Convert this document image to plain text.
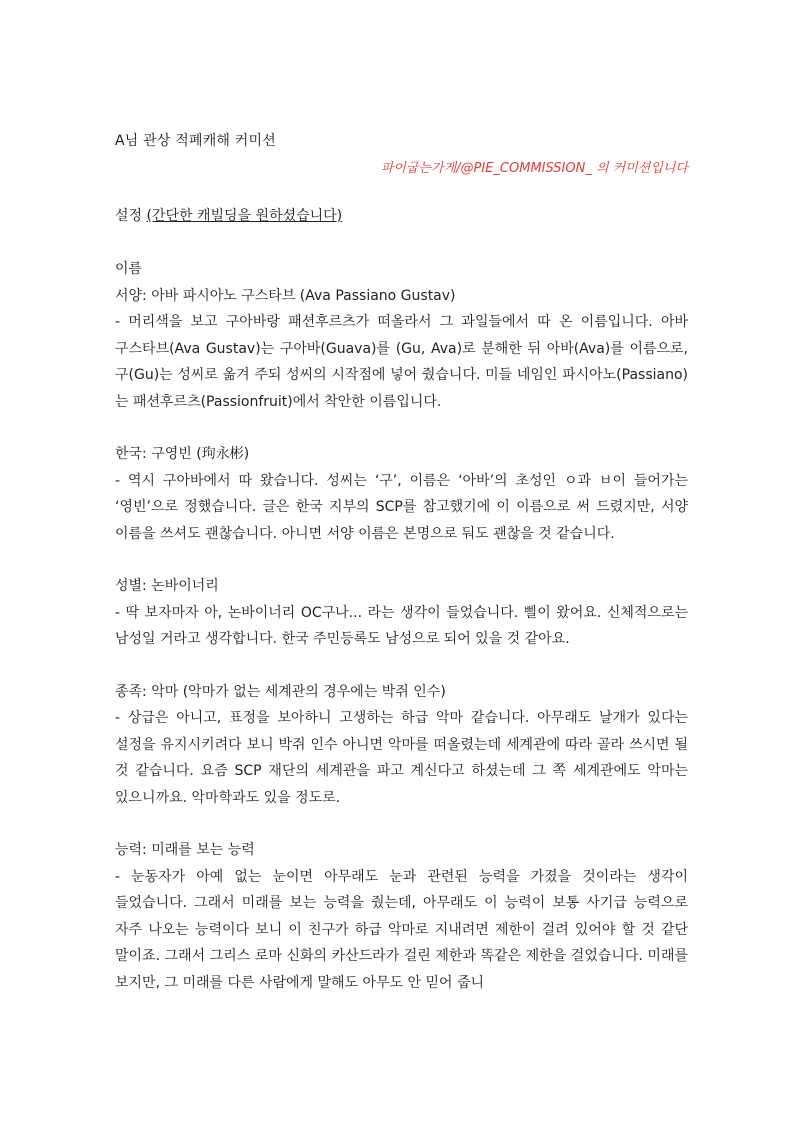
A님 관상 적폐캐해 커미션
파이굽는가게/@PIE_COMMISSION_ 의 커미션입니다
설정 (간단한 캐빌딩을 원하셨습니다)
이름
서양: 아바 파시아노 구스타브 (Ava Passiano Gustav)
- 머리색을 보고 구아바랑 패션후르츠가 떠올라서 그 과일들에서 따 온 이름입니다. 아바 구스타브(Ava Gustav)는 구아바(Guava)를 (Gu, Ava)로 분해한 뒤 아바(Ava)를 이름으로, 구(Gu)는 성씨로 옮겨 주되 성씨의 시작점에 넣어 줬습니다. 미들 네임인 파시아노(Passiano)는 패션후르츠(Passionfruit)에서 착안한 이름입니다.
한국: 구영빈 (玽永彬)
- 역시 구아바에서 따 왔습니다. 성씨는 ‘구’, 이름은 ‘아바’의 초성인 ㅇ과 ㅂ이 들어가는 ‘영빈’으로 정했습니다. 글은 한국 지부의 SCP를 참고했기에 이 이름으로 써 드렸지만, 서양 이름을 쓰셔도 괜찮습니다. 아니면 서양 이름은 본명으로 둬도 괜찮을 것 같습니다.
성별: 논바이너리
- 딱 보자마자 아, 논바이너리 OC구나... 라는 생각이 들었습니다. 삘이 왔어요. 신체적으로는 남성일 거라고 생각합니다. 한국 주민등록도 남성으로 되어 있을 것 같아요.
종족: 악마 (악마가 없는 세계관의 경우에는 박쥐 인수)
- 상급은 아니고, 표정을 보아하니 고생하는 하급 악마 같습니다. 아무래도 날개가 있다는 설정을 유지시키려다 보니 박쥐 인수 아니면 악마를 떠올렸는데 세계관에 따라 골라 쓰시면 될 것 같습니다. 요즘 SCP 재단의 세계관을 파고 계신다고 하셨는데 그 쪽 세계관에도 악마는 있으니까요. 악마학과도 있을 정도로.
능력: 미래를 보는 능력
- 눈동자가 아예 없는 눈이면 아무래도 눈과 관련된 능력을 가졌을 것이라는 생각이 들었습니다. 그래서 미래를 보는 능력을 줬는데, 아무래도 이 능력이 보통 사기급 능력으로 자주 나오는 능력이다 보니 이 친구가 하급 악마로 지내려면 제한이 걸려 있어야 할 것 같단 말이죠. 그래서 그리스 로마 신화의 카산드라가 걸린 제한과 똑같은 제한을 걸었습니다. 미래를 보지만, 그 미래를 다른 사람에게 말해도 아무도 안 믿어 줍니
